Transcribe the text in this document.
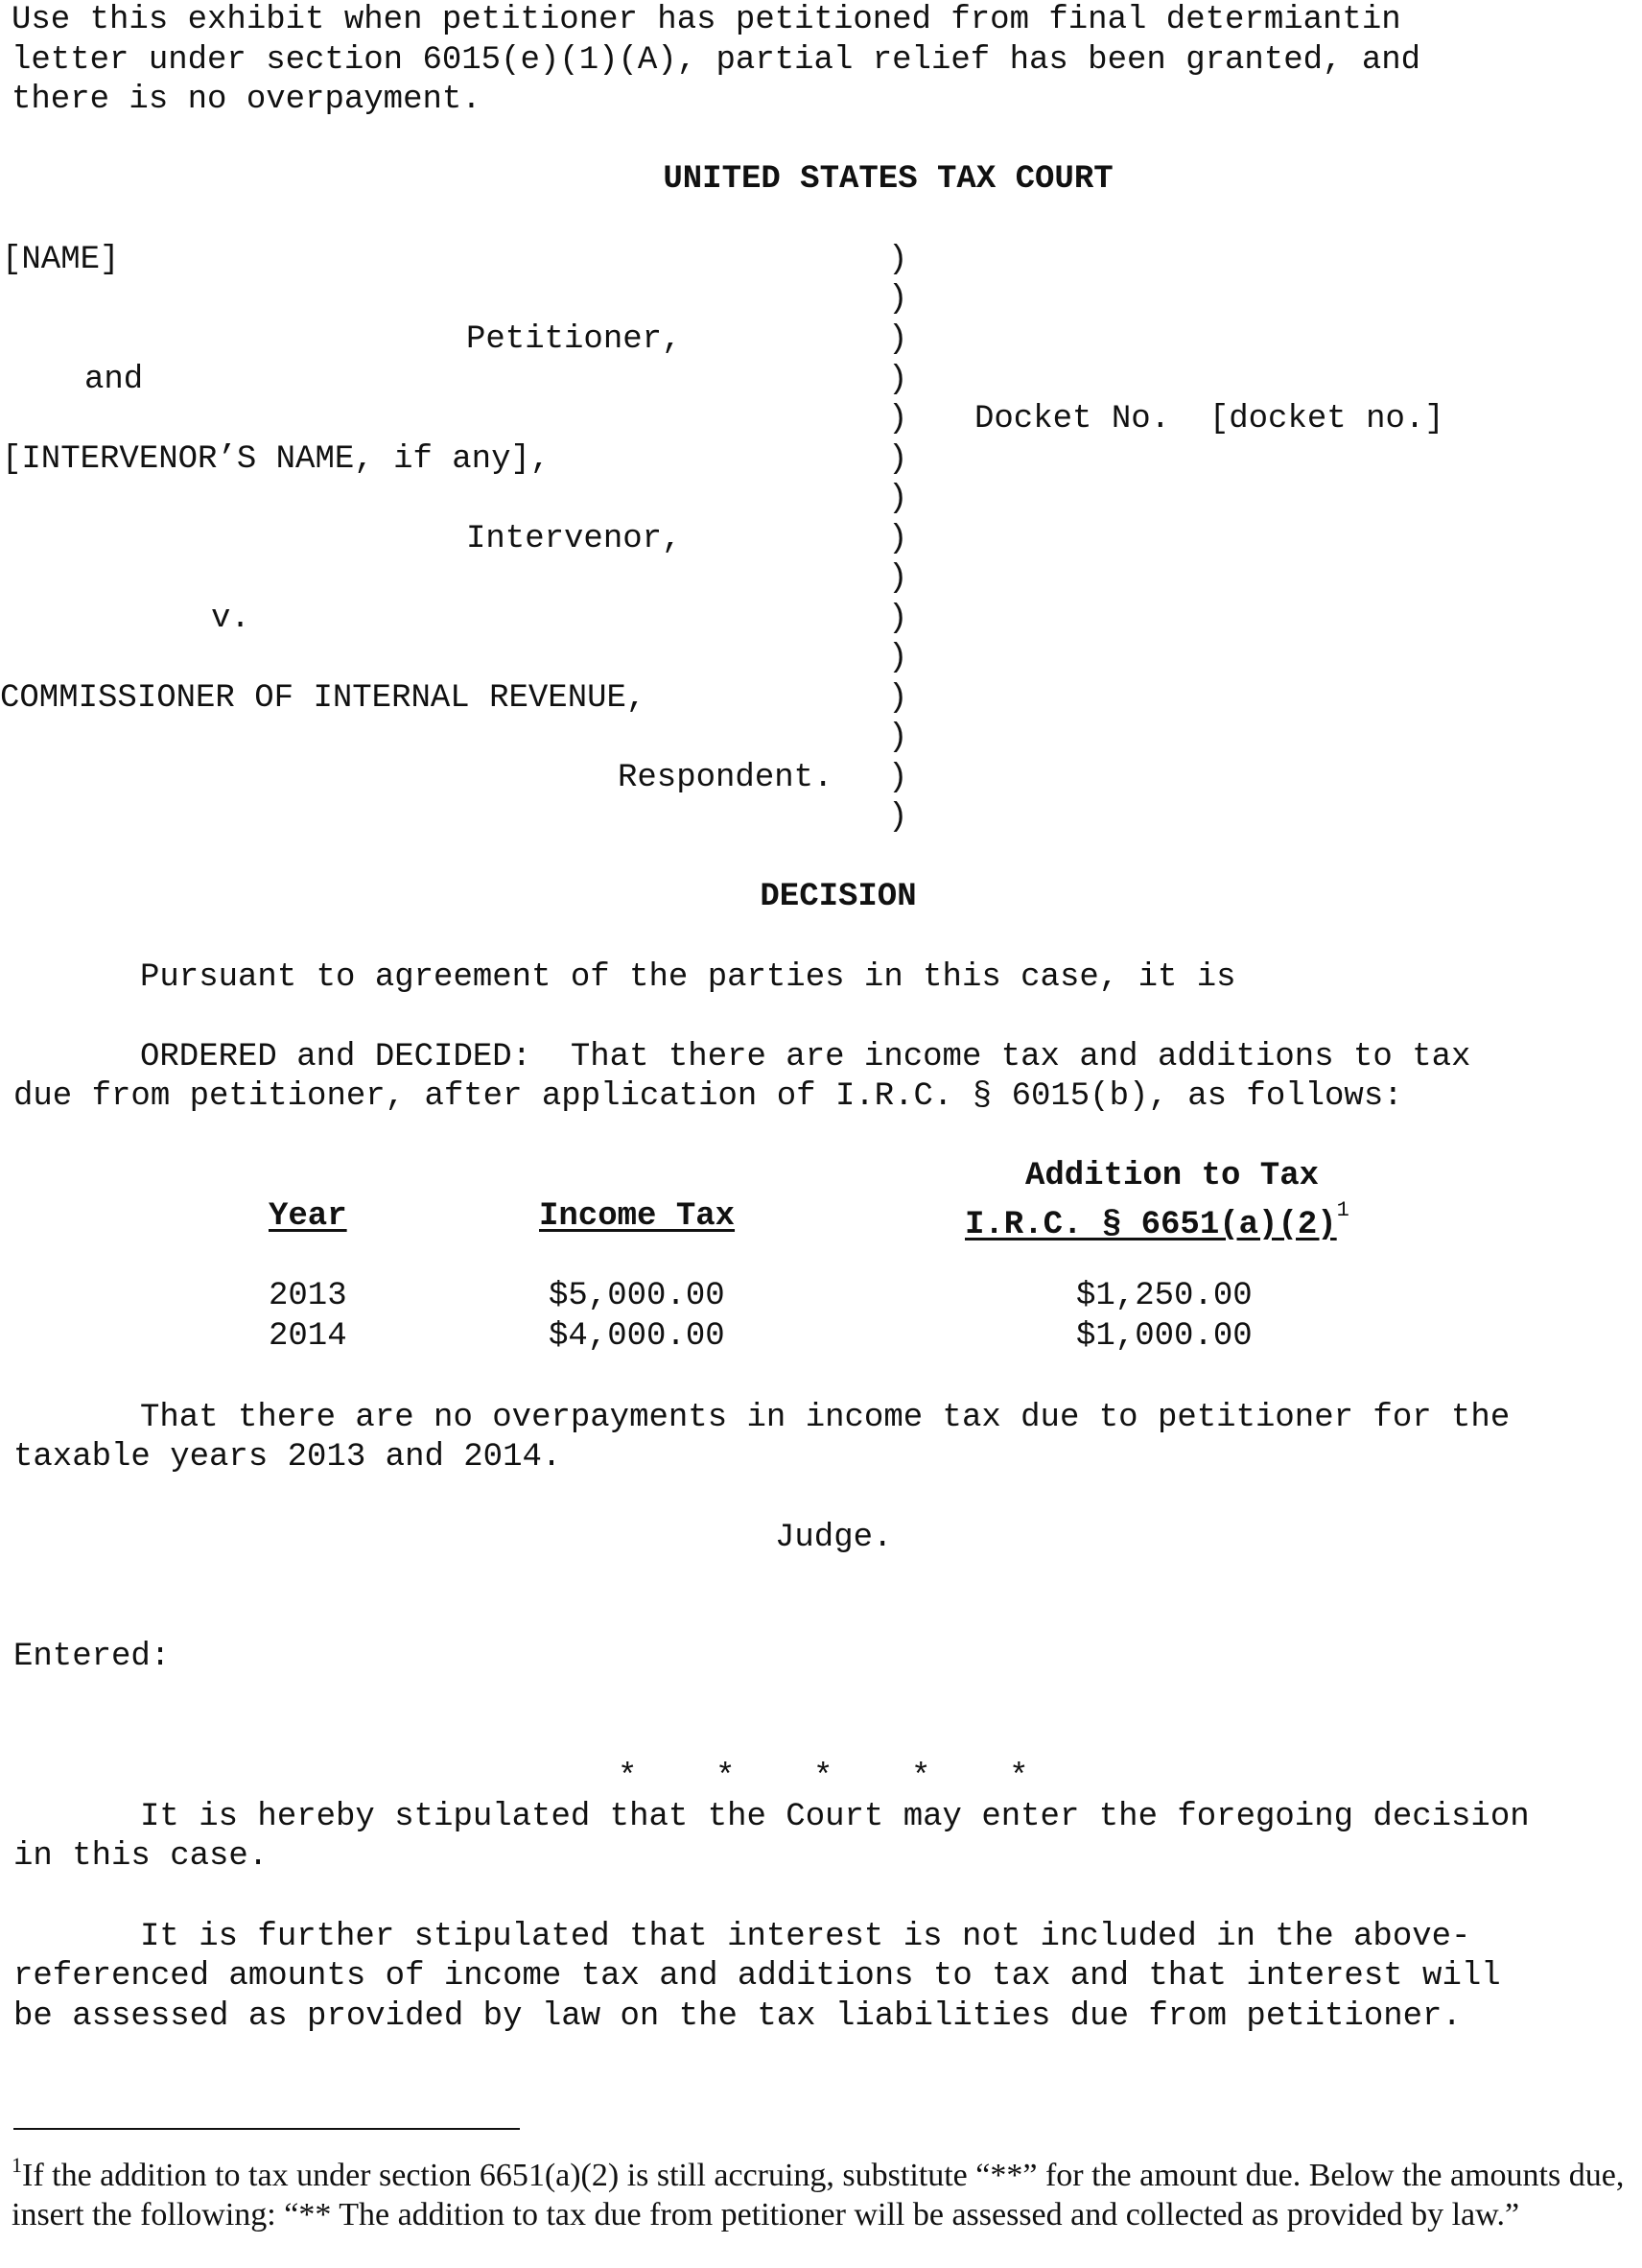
Use this exhibit when petitioner has petitioned from final determiantin
letter under section 6015(e)(1)(A), partial relief has been granted, and
there is no overpayment.
UNITED STATES TAX COURT
[NAME]
Petitioner,
and
[INTERVENOR’S NAME, if any],
Intervenor,
v.
COMMISSIONER OF INTERNAL REVENUE,
Respondent.
)
)
)
)
)
)
)
)
)
)
)
)
)
)
)
Docket No.  [docket no.]
DECISION
Pursuant to agreement of the parties in this case, it is
ORDERED and DECIDED:  That there are income tax and additions to tax
due from petitioner, after application of I.R.C. § 6015(b), as follows:
Addition to Tax
Year	Income Tax	I.R.C. § 6651(a)(2)$^1$
2013	$5,000.00	$1,250.00
2014	$4,000.00	$1,000.00
That there are no overpayments in income tax due to petitioner for the
taxable years 2013 and 2014.
Judge.
Entered:
*    *    *    *    *
It is hereby stipulated that the Court may enter the foregoing decision
in this case.
It is further stipulated that interest is not included in the above-
referenced amounts of income tax and additions to tax and that interest will
be assessed as provided by law on the tax liabilities due from petitioner.
$^1$If the addition to tax under section 6651(a)(2) is still accruing, substitute “**” for the amount due. Below the amounts due, insert the following: “** The addition to tax due from petitioner will be assessed and collected as provided by law.”
